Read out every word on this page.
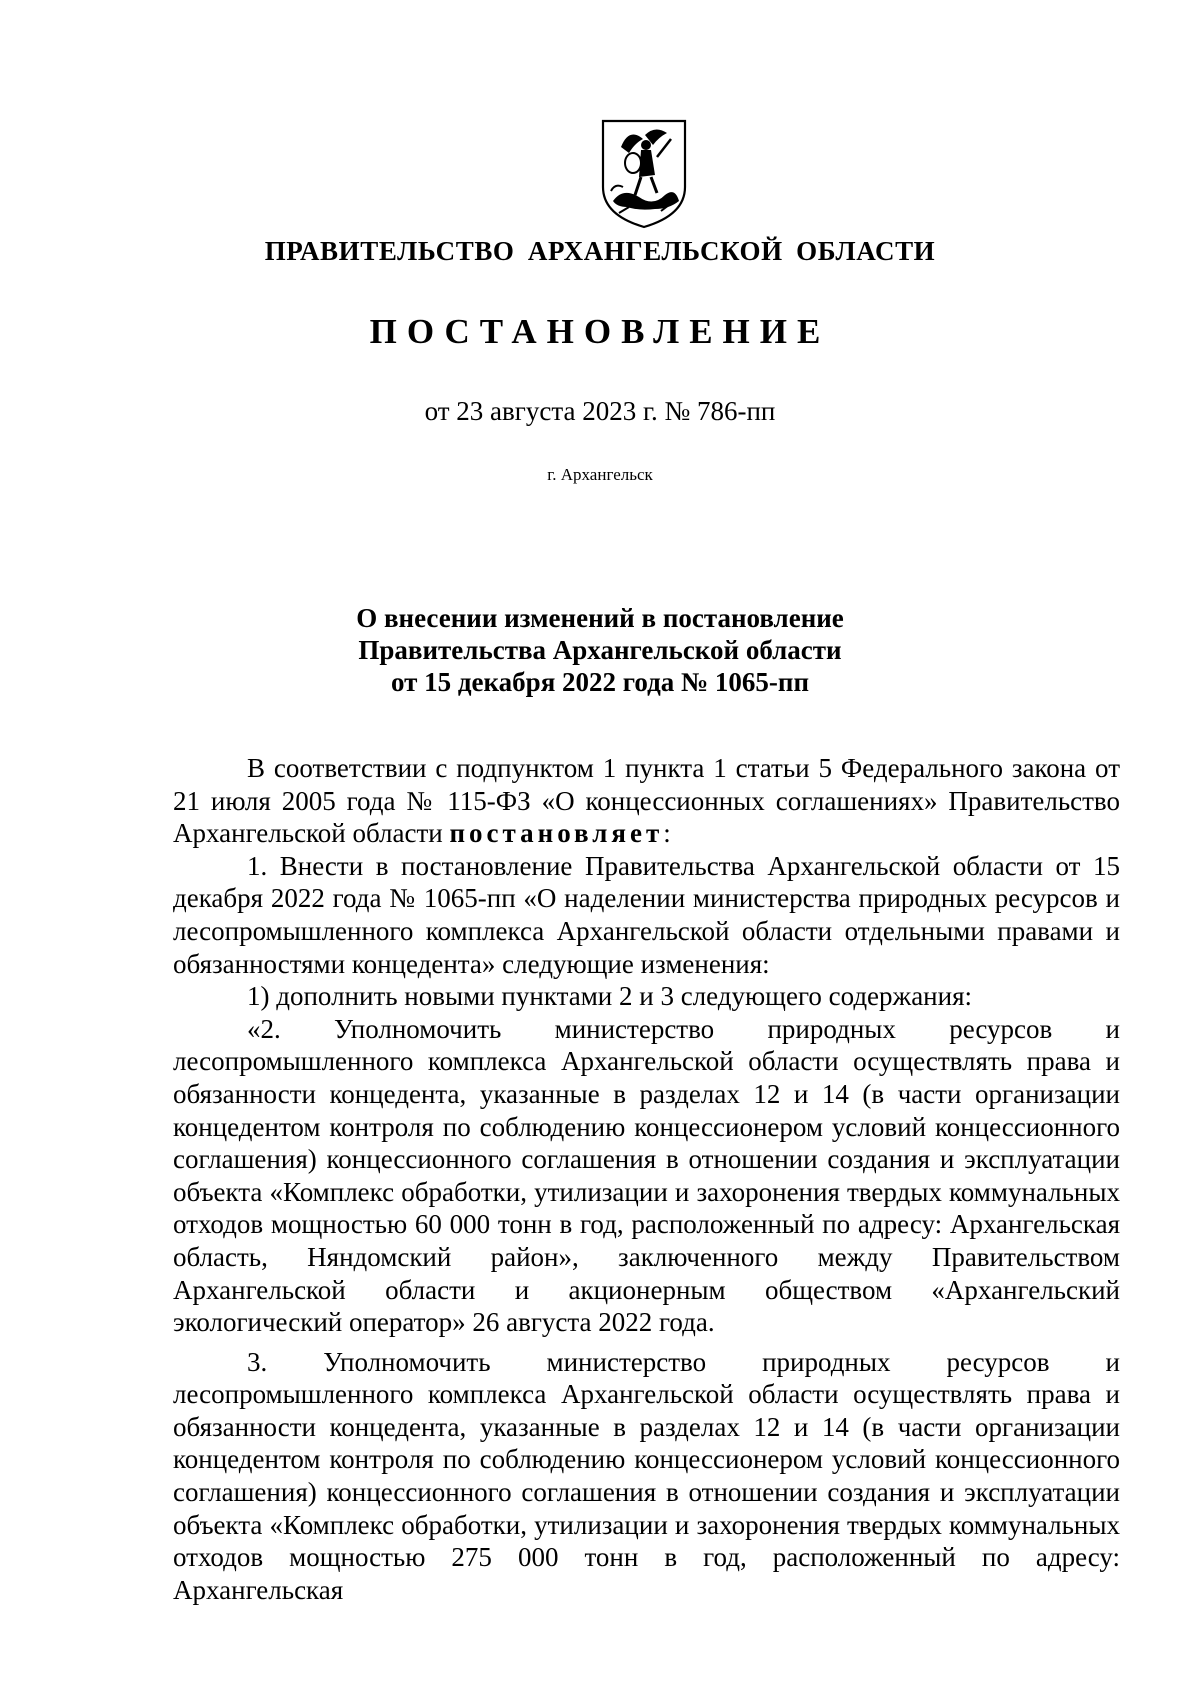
ПРАВИТЕЛЬСТВО АРХАНГЕЛЬСКОЙ ОБЛАСТИ
ПОСТАНОВЛЕНИЕ
от 23 августа 2023 г. № 786-пп
г. Архангельск
О внесении изменений в постановление
Правительства Архангельской области
от 15 декабря 2022 года № 1065-пп

В соответствии с подпунктом 1 пункта 1 статьи 5 Федерального закона от 21 июля 2005 года № 115-ФЗ «О концессионных соглашениях» Правительство Архангельской области постановляет:

1. Внести в постановление Правительства Архангельской области от 15 декабря 2022 года № 1065-пп «О наделении министерства природных ресурсов и лесопромышленного комплекса Архангельской области отдельными правами и обязанностями концедента» следующие изменения:

1) дополнить новыми пунктами 2 и 3 следующего содержания:

«2. Уполномочить министерство природных ресурсов и лесопромышленного комплекса Архангельской области осуществлять права и обязанности концедента, указанные в разделах 12 и 14 (в части организации концедентом контроля по соблюдению концессионером условий концессионного соглашения) концессионного соглашения в отношении создания и эксплуатации объекта «Комплекс обработки, утилизации и захоронения твердых коммунальных отходов мощностью 60 000 тонн в год, расположенный по адресу: Архангельская область, Няндомский район», заключенного между Правительством Архангельской области и акционерным обществом «Архангельский экологический оператор» 26 августа 2022 года.

3. Уполномочить министерство природных ресурсов и лесопромышленного комплекса Архангельской области осуществлять права и обязанности концедента, указанные в разделах 12 и 14 (в части организации концедентом контроля по соблюдению концессионером условий концессионного соглашения) концессионного соглашения в отношении создания и эксплуатации объекта «Комплекс обработки, утилизации и захоронения твердых коммунальных отходов мощностью 275 000 тонн в год, расположенный по адресу: Архангельская
